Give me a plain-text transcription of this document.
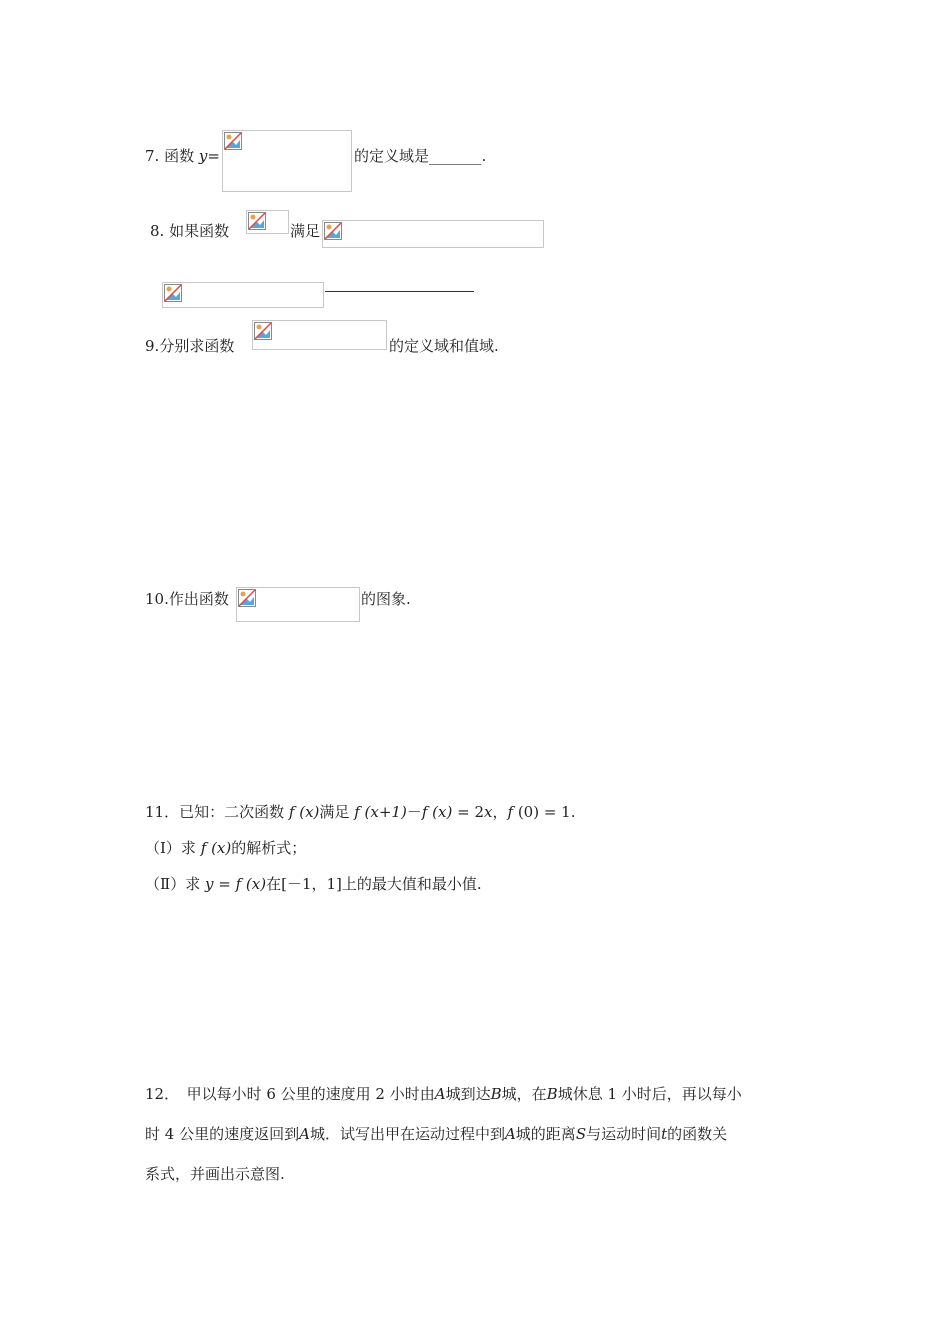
7. 函数 y=	的定义域是_______.
8. 如果函数	满足
9.分别求函数	的定义域和值域.
10.作出函数	的图象.
11．已知：二次函数 f (x)满足 f (x+1)－f (x) = 2x，f (0) = 1.
（Ⅰ）求 f (x)的解析式；
（Ⅱ）求 y = f (x)在[－1，1]上的最大值和最小值.
12．　甲以每小时 6 公里的速度用 2 小时由A城到达B城，在B城休息 1 小时后，再以每小
时 4 公里的速度返回到A城．试写出甲在运动过程中到A城的距离S与运动时间t的函数关
系式，并画出示意图.
